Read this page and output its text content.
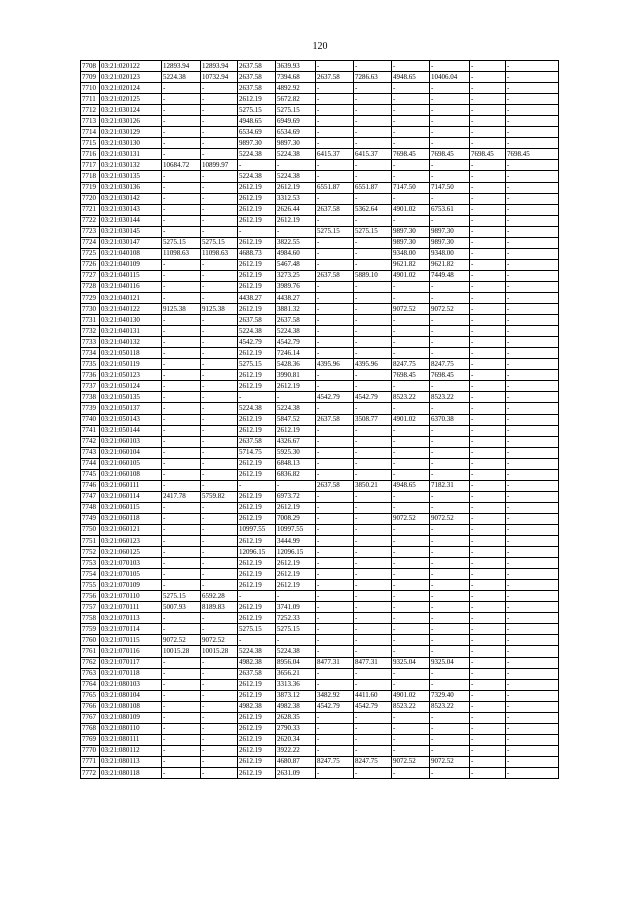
120
7708	03:21:020122	12893.94	12893.94	2637.58	3639.93	-	-	-	-	-	-
7709	03:21:020123	5224.38	10732.94	2637.58	7394.68	2637.58	7286.63	4948.65	10406.04	-	-
7710	03:21:020124	-	-	2637.58	4892.92	-	-	-	-	-	-
7711	03:21:020125	-	-	2612.19	5672.82	-	-	-	-	-	-
7712	03:21:030124	-	-	5275.15	5275.15	-	-	-	-	-	-
7713	03:21:030126	-	-	4948.65	6949.69	-	-	-	-	-	-
7714	03:21:030129	-	-	6534.69	6534.69	-	-	-	-	-	-
7715	03:21:030130	-	-	9897.30	9897.30	-	-	-	-	-	-
7716	03:21:030131	-	-	5224.38	5224.38	6415.37	6415.37	7698.45	7698.45	7698.45	7698.45
7717	03:21:030132	10684.72	10899.97	-	-	-	-	-	-	-	-
7718	03:21:030135	-	-	5224.38	5224.38	-	-	-	-	-	-
7719	03:21:030136	-	-	2612.19	2612.19	6551.87	6551.87	7147.50	7147.50	-	-
7720	03:21:030142	-	-	2612.19	3312.53	-	-	-	-	-	-
7721	03:21:030143	-	-	2612.19	2626.44	2637.58	5362.64	4901.02	6753.61	-	-
7722	03:21:030144	-	-	2612.19	2612.19	-	-	-	-	-	-
7723	03:21:030145	-	-	-	-	5275.15	5275.15	9897.30	9897.30	-	-
7724	03:21:030147	5275.15	5275.15	2612.19	3822.55	-	-	9897.30	9897.30	-	-
7725	03:21:040108	11098.63	11098.63	4688.73	4984.60	-	-	9348.00	9348.00	-	-
7726	03:21:040109	-	-	2612.19	5467.48	-	-	9621.82	9621.82	-	-
7727	03:21:040115	-	-	2612.19	3273.25	2637.58	5889.10	4901.02	7449.48	-	-
7728	03:21:040116	-	-	2612.19	3989.76	-	-	-	-	-	-
7729	03:21:040121	-	-	4438.27	4438.27	-	-	-	-	-	-
7730	03:21:040122	9125.38	9125.38	2612.19	3881.32	-	-	9072.52	9072.52	-	-
7731	03:21:040130	-	-	2637.58	2637.58	-	-	-	-	-	-
7732	03:21:040131	-	-	5224.38	5224.38	-	-	-	-	-	-
7733	03:21:040132	-	-	4542.79	4542.79	-	-	-	-	-	-
7734	03:21:050118	-	-	2612.19	7246.14	-	-	-	-	-	-
7735	03:21:050119	-	-	5275.15	5428.36	4395.96	4395.96	8247.75	8247.75	-	-
7736	03:21:050123	-	-	2612.19	3990.81	-	-	7698.45	7698.45	-	-
7737	03:21:050124	-	-	2612.19	2612.19	-	-	-	-	-	-
7738	03:21:050135	-	-	-	-	4542.79	4542.79	8523.22	8523.22	-	-
7739	03:21:050137	-	-	5224.38	5224.38	-	-	-	-	-	-
7740	03:21:050143	-	-	2612.19	5847.52	2637.58	3508.77	4901.02	6370.38	-	-
7741	03:21:050144	-	-	2612.19	2612.19	-	-	-	-	-	-
7742	03:21:060103	-	-	2637.58	4326.67	-	-	-	-	-	-
7743	03:21:060104	-	-	5714.75	5925.30	-	-	-	-	-	-
7744	03:21:060105	-	-	2612.19	6848.13	-	-	-	-	-	-
7745	03:21:060108	-	-	2612.19	6836.82	-	-	-	-	-	-
7746	03:21:060111	-	-	-	-	2637.58	3850.21	4948.65	7182.31	-	-
7747	03:21:060114	2417.78	5759.82	2612.19	6973.72	-	-	-	-	-	-
7748	03:21:060115	-	-	2612.19	2612.19	-	-	-	-	-	-
7749	03:21:060118	-	-	2612.19	7008.29	-	-	9072.52	9072.52	-	-
7750	03:21:060121	-	-	10997.55	10997.55	-	-	-	-	-	-
7751	03:21:060123	-	-	2612.19	3444.99	-	-	-	-	-	-
7752	03:21:060125	-	-	12096.15	12096.15	-	-	-	-	-	-
7753	03:21:070103	-	-	2612.19	2612.19	-	-	-	-	-	-
7754	03:21:070105	-	-	2612.19	2612.19	-	-	-	-	-	-
7755	03:21:070109	-	-	2612.19	2612.19	-	-	-	-	-	-
7756	03:21:070110	5275.15	6592.28	-	-	-	-	-	-	-	-
7757	03:21:070111	5007.93	8189.83	2612.19	3741.09	-	-	-	-	-	-
7758	03:21:070113	-	-	2612.19	7252.33	-	-	-	-	-	-
7759	03:21:070114	-	-	5275.15	5275.15	-	-	-	-	-	-
7760	03:21:070115	9072.52	9072.52	-	-	-	-	-	-	-	-
7761	03:21:070116	10015.28	10015.28	5224.38	5224.38	-	-	-	-	-	-
7762	03:21:070117	-	-	4982.38	8956.04	8477.31	8477.31	9325.04	9325.04	-	-
7763	03:21:070118	-	-	2637.58	3656.21	-	-	-	-	-	-
7764	03:21:080103	-	-	2612.19	3313.36	-	-	-	-	-	-
7765	03:21:080104	-	-	2612.19	3873.12	3482.92	4411.60	4901.02	7329.40	-	-
7766	03:21:080108	-	-	4982.38	4982.38	4542.79	4542.79	8523.22	8523.22	-	-
7767	03:21:080109	-	-	2612.19	2628.35	-	-	-	-	-	-
7768	03:21:080110	-	-	2612.19	2790.33	-	-	-	-	-	-
7769	03:21:080111	-	-	2612.19	2620.34	-	-	-	-	-	-
7770	03:21:080112	-	-	2612.19	3922.22	-	-	-	-	-	-
7771	03:21:080113	-	-	2612.19	4680.87	8247.75	8247.75	9072.52	9072.52	-	-
7772	03:21:080118	-	-	2612.19	2631.09	-	-	-	-	-	-
